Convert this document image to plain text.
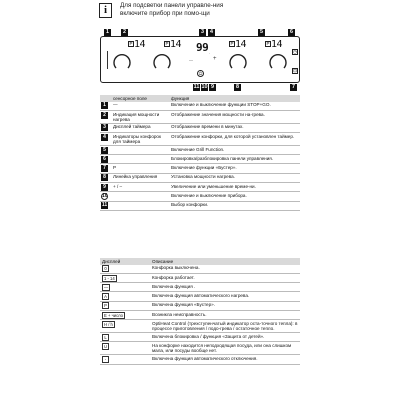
i	Для подсветки панели управле-ния включите прибор при помо-щи
1	2	3	4	5	6
14 14 99 .
14 14
P	P	P	P
—	+
⏻
⊡
◷
11 10 9	8	7
	сенсорное поле	функция
1	—	Включение и выключение функции STOP+GO.
2	Индикация мощности нагрева	Отображение значения мощности на-грева.
3	Дисплей таймера	Отображение времени в минутах.
4	Индикаторы конфорок для таймера	Отображение конфорки, для которой установлен таймер.
5		Включение Grill Function.
6		Блокировка/разблокировка панели управления.
7	P	Включение функции «Бустер».
8	Линейка управления	Установка мощности нагрева.
9	+ / –	Увеличение или уменьшение време-ни.
10		Включение и выключение прибора.
11		Выбор конфорки.
Дисплей	Описание
0	Конфорка выключена.
1 - 14	Конфорка работает.
—	Включена функция .
A	Включена функция автоматического нагрева.
P	Включена функция «Бустер».
E + число	Возникла неисправность.
H / h	OptiHeat Control (трехступенчатый индикатор оста-точного тепла): в процессе приготовления / подо-грева / остаточное тепло.
L	Включена блокировка / функция «Защита от детей».
U	На конфорке находится неподходящая посуда, или она слишком мала, или посуды вообще нет.
-	Включена функция автоматического отключения.
